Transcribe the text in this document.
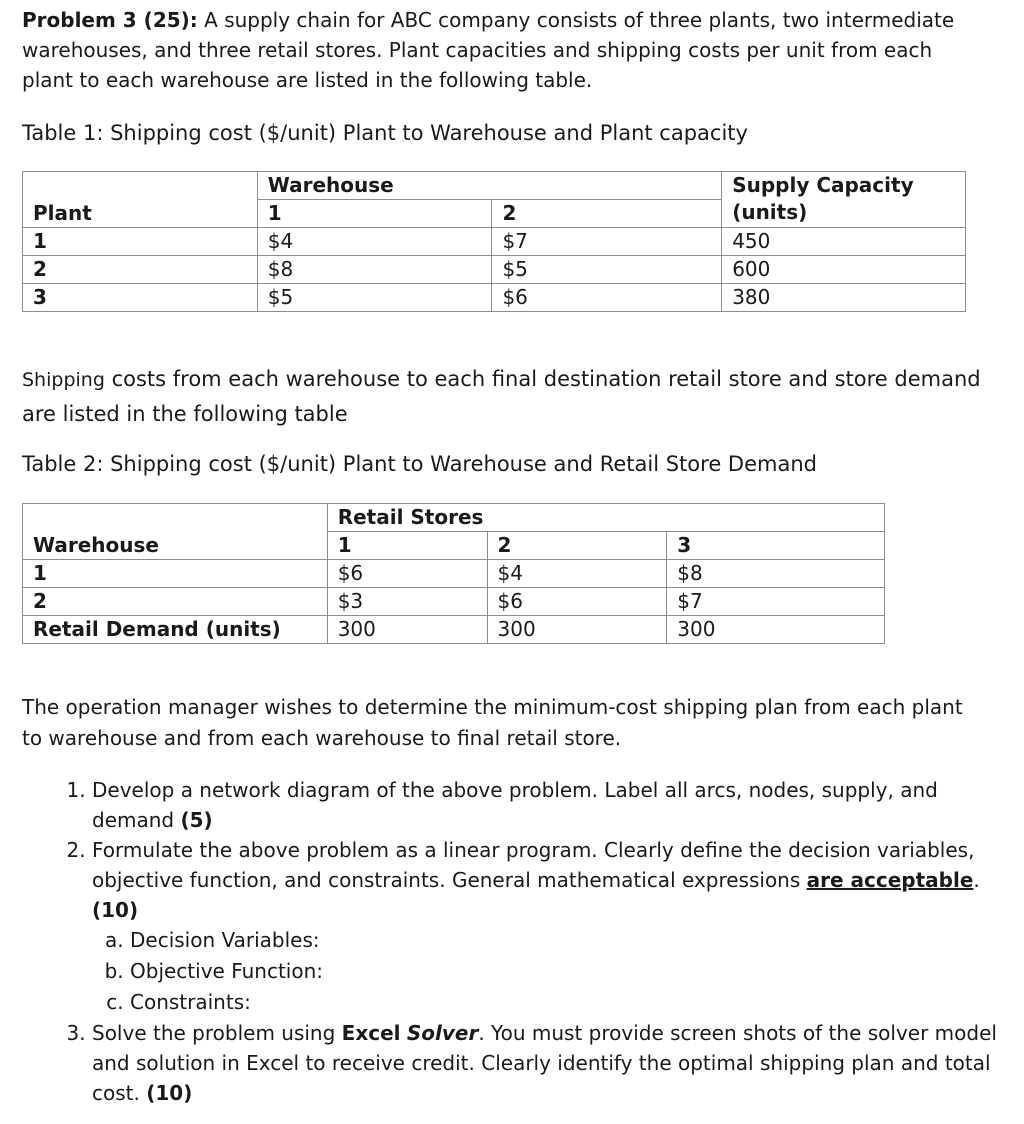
Problem 3 (25): A supply chain for ABC company consists of three plants, two intermediate warehouses, and three retail stores. Plant capacities and shipping costs per unit from each plant to each warehouse are listed in the following table.

Table 1: Shipping cost ($/unit) Plant to Warehouse and Plant capacity

	Warehouse		Supply Capacity (units)
Plant	1	2	
1	$4	$7	450
2	$8	$5	600
3	$5	$6	380

Shipping costs from each warehouse to each final destination retail store and store demand are listed in the following table

Table 2: Shipping cost ($/unit) Plant to Warehouse and Retail Store Demand

	Retail Stores		
Warehouse	1	2	3
1	$6	$4	$8
2	$3	$6	$7
Retail Demand (units)	300	300	300

The operation manager wishes to determine the minimum-cost shipping plan from each plant to warehouse and from each warehouse to final retail store.

1. Develop a network diagram of the above problem. Label all arcs, nodes, supply, and demand (5)
2. Formulate the above problem as a linear program. Clearly define the decision variables, objective function, and constraints. General mathematical expressions are acceptable. (10)
a. Decision Variables:
b. Objective Function:
c. Constraints:
3. Solve the problem using Excel Solver. You must provide screen shots of the solver model and solution in Excel to receive credit. Clearly identify the optimal shipping plan and total cost. (10)
